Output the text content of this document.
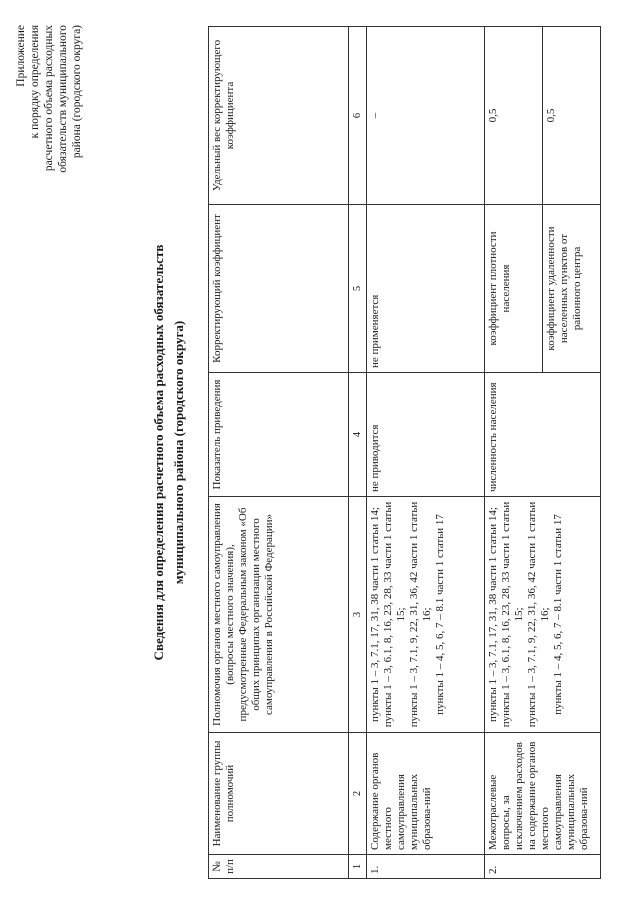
Приложение к порядку определения расчетного объема расходных обязательств муниципального района (городского округа)
Сведения для определения расчетного объема расходных обязательств муниципального района (городского округа)
№ п/п	Наименование группы полномочий	Полномочия органов местного самоуправления (вопросы местного значения), предусмотренные Федеральным законом «Об общих принципах организации местного самоуправления в Российской Федерации»	Показатель приведения	Корректирующий коэффициент	Удельный вес корректирующего коэффициента
1	2	3	4	5	6
1.	Содержание органов местного самоуправления муниципальных образова-ний	пункты 1 – 3, 7.1, 17, 31, 38 части 1 статьи 14; пункты 1 – 3, 6.1, 8, 16, 23, 28, 33 части 1 статьи 15; пункты 1 – 3, 7.1, 9, 22, 31, 36, 42 части 1 статьи 16; пункты 1 – 4, 5, 6, 7 – 8.1 части 1 статьи 17	не приводится	не применяется	–
2.	Межотраслевые вопросы, за исключением расходов на содержание органов местного самоуправления муниципальных образова-ний	пункты 1 – 3, 7.1, 17, 31, 38 части 1 статьи 14; пункты 1 – 3, 6.1, 8, 16, 23, 28, 33 части 1 статьи 15; пункты 1 – 3, 7.1, 9, 22, 31, 36, 42 части 1 статьи 16; пункты 1 – 4, 5, 6, 7 – 8.1 части 1 статьи 17	численность населения	коэффициент плотности населения	0,5
				коэффициент удаленности населенных пунктов от районного центра	0,5
